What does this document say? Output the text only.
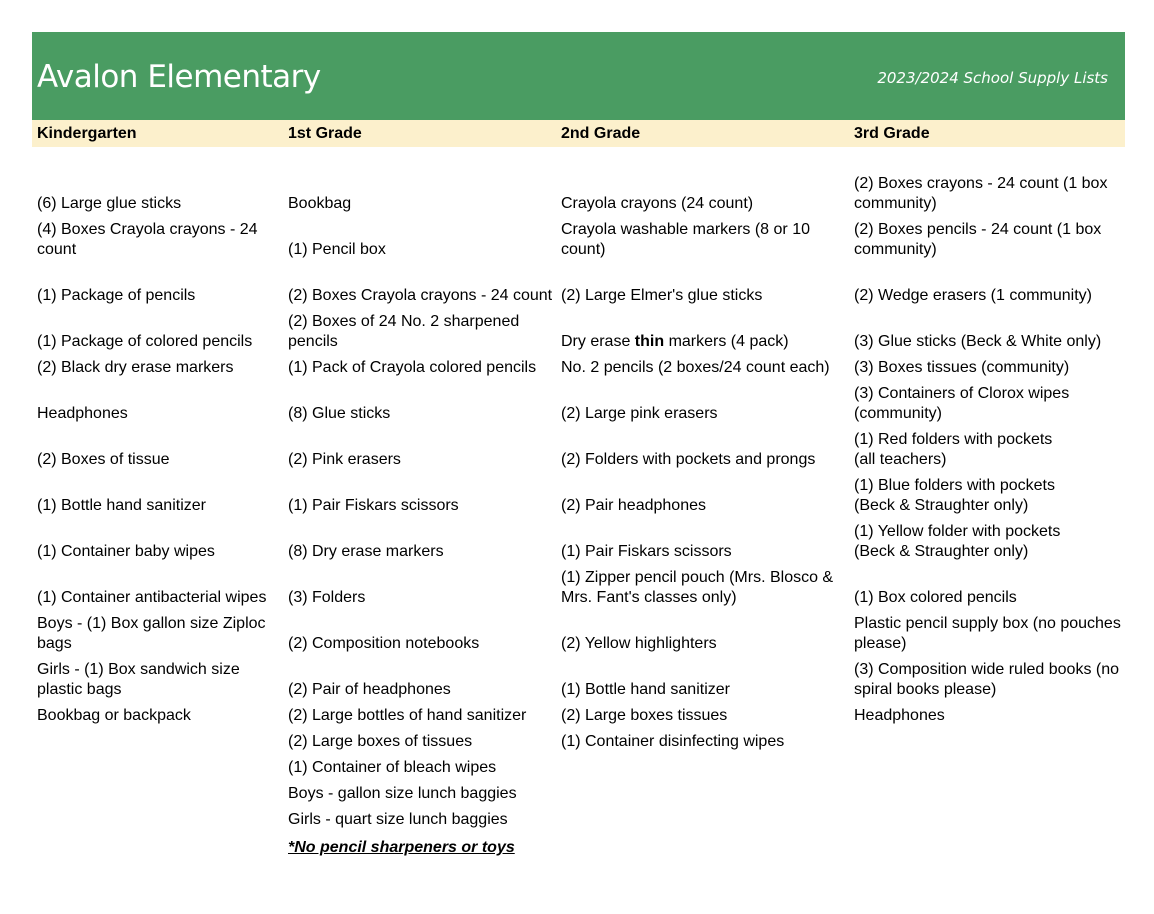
Avalon Elementary	2023/2024 School Supply Lists
Kindergarten
(6) Large glue sticks
(4) Boxes Crayola crayons - 24 count
(1) Package of pencils
(1) Package of colored pencils
(2) Black dry erase markers
Headphones
(2) Boxes of tissue
(1) Bottle hand sanitizer
(1) Container baby wipes
(1) Container antibacterial wipes
Boys - (1) Box gallon size Ziploc bags
Girls - (1) Box sandwich size plastic bags
Bookbag or backpack
1st Grade
Bookbag
(1) Pencil box
(2) Boxes Crayola crayons - 24 count
(2) Boxes of 24 No. 2 sharpened pencils
(1) Pack of Crayola colored pencils
(8) Glue sticks
(2) Pink erasers
(1) Pair Fiskars scissors
(8) Dry erase markers
(3) Folders
(2) Composition notebooks
(2) Pair of headphones
(2) Large bottles of hand sanitizer
(2) Large boxes of tissues
(1) Container of bleach wipes
Boys - gallon size lunch baggies
Girls - quart size lunch baggies
2nd Grade
Crayola crayons (24 count)
Crayola washable markers (8 or 10 count)
(2) Large Elmer's glue sticks
Dry erase thin markers (4 pack)
No. 2 pencils (2 boxes/24 count each)
(2) Large pink erasers
(2) Folders with pockets and prongs
(2) Pair headphones
(1) Pair Fiskars scissors
(1) Zipper pencil pouch (Mrs. Blosco & Mrs. Fant's classes only)
(2) Yellow highlighters
(1) Bottle hand sanitizer
(2) Large boxes tissues
(1) Container disinfecting wipes
3rd Grade
(2) Boxes crayons - 24 count (1 box community)
(2) Boxes pencils - 24 count (1 box community)
(2) Wedge erasers (1 community)
(3) Glue sticks (Beck & White only)
(3) Boxes tissues (community)
(3) Containers of Clorox wipes (community)
(1) Red folders with pockets
(all teachers)
(1) Blue folders with pockets
(Beck & Straughter only)
(1) Yellow folder with pockets
(Beck & Straughter only)
(1) Box colored pencils
Plastic pencil supply box (no pouches please)
(3) Composition wide ruled books (no spiral books please)
Headphones
*No pencil sharpeners or toys
